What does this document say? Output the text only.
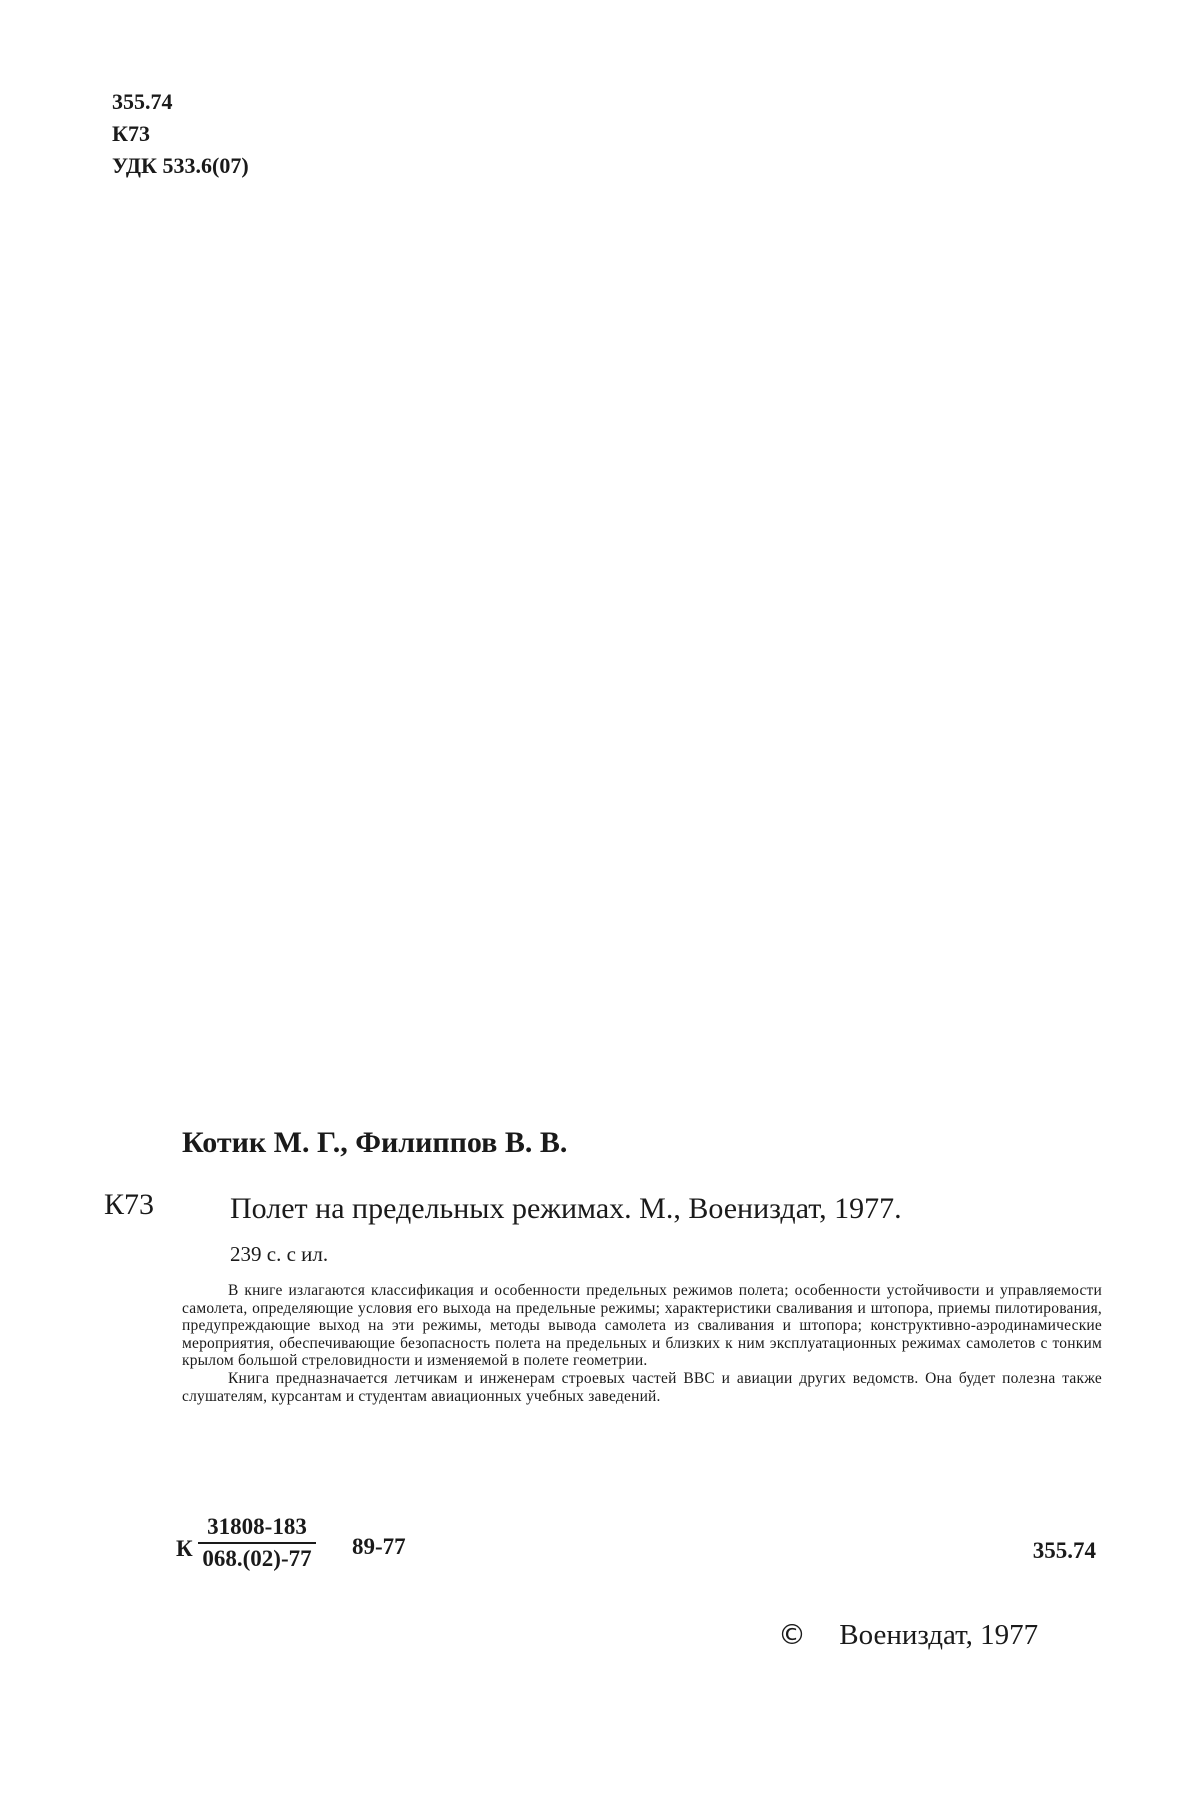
355.74
К73
УДК 533.6(07)
Котик М. Г., Филиппов В. В.
К73	Полет на предельных режимах. М., Воениздат, 1977.
239 с. с ил.

В книге излагаются классификация и особенности предельных режимов полета; особенности устойчивости и управляемости самолета, определяющие условия его выхода на предельные режимы; характеристики сваливания и штопора, приемы пилотирования, предупреждающие выход на эти режимы, методы вывода самолета из сваливания и штопора; конструктивно-аэродинамические мероприятия, обеспечивающие безопасность полета на предельных и близких к ним эксплуатационных режимах самолетов с тонким крылом большой стреловидности и изменяемой в полете геометрии.

Книга предназначается летчикам и инженерам строевых частей ВВС и авиации других ведомств. Она будет полезна также слушателям, курсантам и студентам авиационных учебных заведений.

К $\frac{31808-183}{068.(02)-77} 89-77$	355.74
© Воениздат, 1977
